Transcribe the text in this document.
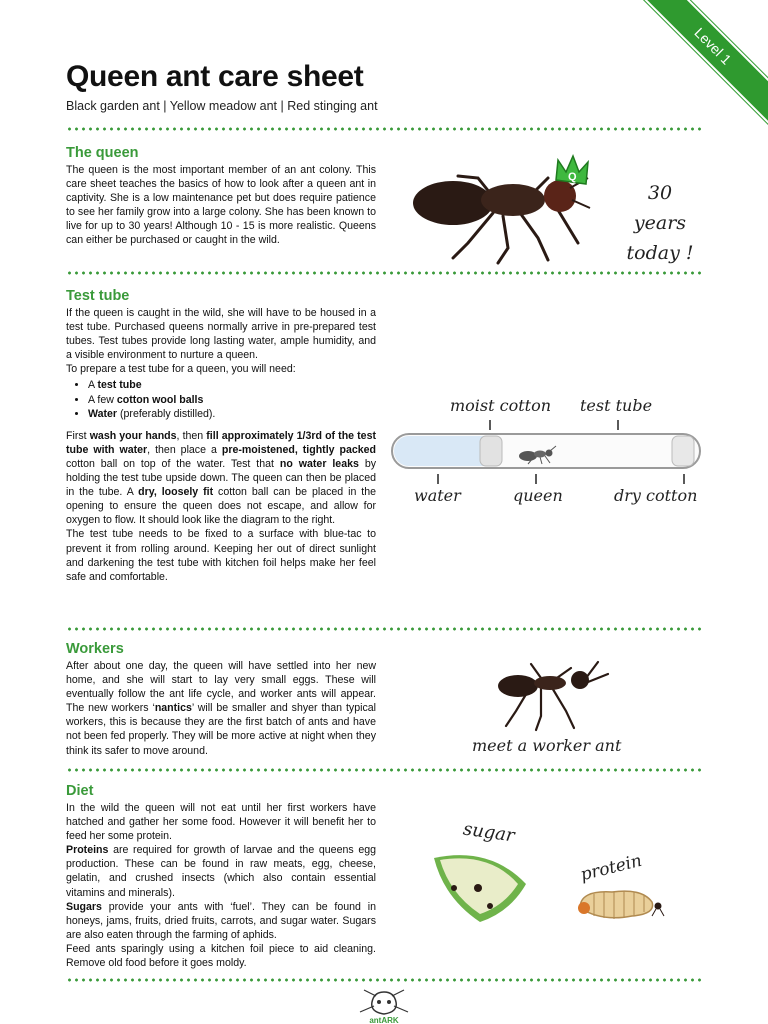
Level 1
Queen ant care sheet
Black garden ant | Yellow meadow ant | Red stinging ant
The queen

The queen is the most important member of an ant colony. This care sheet teaches the basics of how to look after a queen ant in captivity. She is a low maintenance pet but does require patience to see her family grow into a large colony. She has been known to live for up to 30 years! Although 10 - 15 is more realistic. Queens can either be purchased or caught in the wild.

Q
30 years
today !
Test tube

If the queen is caught in the wild, she will have to be housed in a test tube. Purchased queens normally arrive in pre-prepared test tubes. Test tubes provide long lasting water, ample humidity, and a visible environment to nurture a queen.

To prepare a test tube for a queen, you will need:

• A test tube
• A few cotton wool balls
• Water (preferably distilled).

First wash your hands, then fill approximately 1/3rd of the test tube with water, then place a pre-moistened, tightly packed cotton ball on top of the water. Test that no water leaks by holding the test tube upside down. The queen can then be placed in the tube. A dry, loosely fit cotton ball can be placed in the opening to ensure the queen does not escape, and allow for oxygen to flow. It should look like the diagram to the right.

The test tube needs to be fixed to a surface with blue-tac to prevent it from rolling around. Keeping her out of direct sunlight and darkening the test tube with kitchen foil helps make her feel safe and comfortable.

moist cotton test tube
water	queen	dry cotton
Workers

After about one day, the queen will have settled into her new home, and she will start to lay very small eggs. These will eventually follow the ant life cycle, and worker ants will appear. The new workers ‘nantics’ will be smaller and shyer than typical workers, this is because they are the first batch of ants and have not been fed properly. They will be more active at night when they think its safer to move around.	meet a worker ant
Diet

In the wild the queen will not eat until her first workers have hatched and gather her some food. However it will benefit her to feed her some protein.

Proteins are required for growth of larvae and the queens egg production. These can be found in raw meats, egg, cheese, gelatin, and crushed insects (which also contain essential vitamins and minerals).

Sugars provide your ants with ‘fuel’. They can be found in honeys, jams, fruits, dried fruits, carrots, and sugar water. Sugars are also eaten through the farming of aphids.

Feed ants sparingly using a kitchen foil piece to aid cleaning. Remove old food before it goes moldy.

sugar
protein
antARK
